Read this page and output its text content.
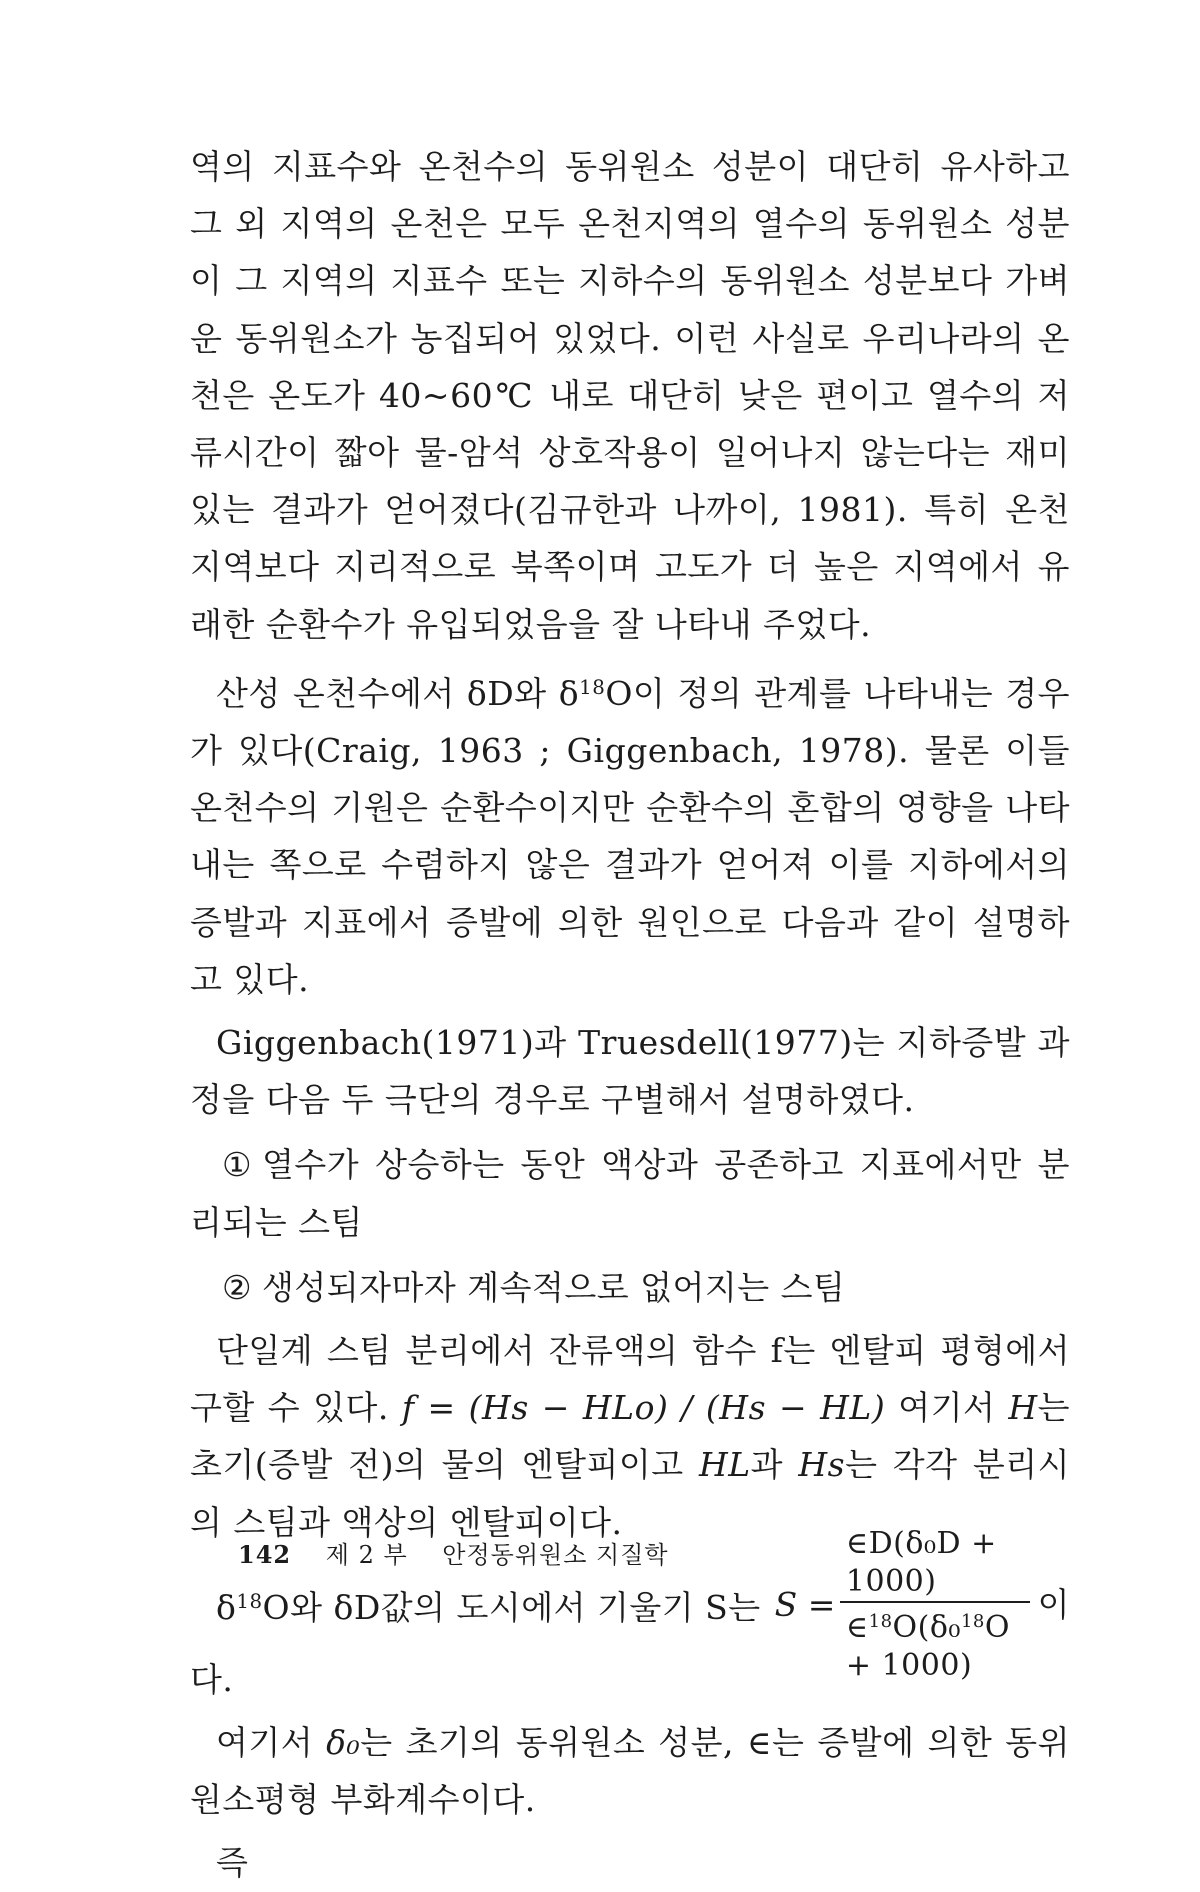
역의 지표수와 온천수의 동위원소 성분이 대단히 유사하고 그 외 지역의 온천은 모두 온천지역의 열수의 동위원소 성분이 그 지역의 지표수 또는 지하수의 동위원소 성분보다 가벼운 동위원소가 농집되어 있었다. 이런 사실로 우리나라의 온천은 온도가 40~60℃ 내로 대단히 낮은 편이고 열수의 저류시간이 짧아 물-암석 상호작용이 일어나지 않는다는 재미있는 결과가 얻어졌다(김규한과 나까이, 1981). 특히 온천지역보다 지리적으로 북쪽이며 고도가 더 높은 지역에서 유래한 순환수가 유입되었음을 잘 나타내 주었다.

산성 온천수에서 δD와 $\delta^{18}O$이 정의 관계를 나타내는 경우가 있다(Craig, 1963 ; Giggenbach, 1978). 물론 이들 온천수의 기원은 순환수이지만 순환수의 혼합의 영향을 나타내는 쪽으로 수렴하지 않은 결과가 얻어져 이를 지하에서의 증발과 지표에서 증발에 의한 원인으로 다음과 같이 설명하고 있다.

Giggenbach(1971)과 Truesdell(1977)는 지하증발 과정을 다음 두 극단의 경우로 구별해서 설명하였다.

① 열수가 상승하는 동안 액상과 공존하고 지표에서만 분리되는 스팀

② 생성되자마자 계속적으로 없어지는 스팀

단일계 스팀 분리에서 잔류액의 함수 f는 엔탈피 평형에서 구할 수 있다. f = (Hs − HLo) / (Hs − HL) 여기서 H는 초기(증발 전)의 물의 엔탈피이고 HL과 Hs는 각각 분리시의 스팀과 액상의 엔탈피이다.

$\delta^{18}O$와 δD값의 도시에서 기울기 S는 $S = \frac{\text{∈D(δ₀D + 1000)}}{\in^{18}O(\delta_0^{18}O + 1000)}$ 이

다.

여기서 δ₀는 초기의 동위원소 성분, ∈는 증발에 의한 동위원소평형 부화계수이다.

즉

142 제 2 부 안정동위원소 지질학
